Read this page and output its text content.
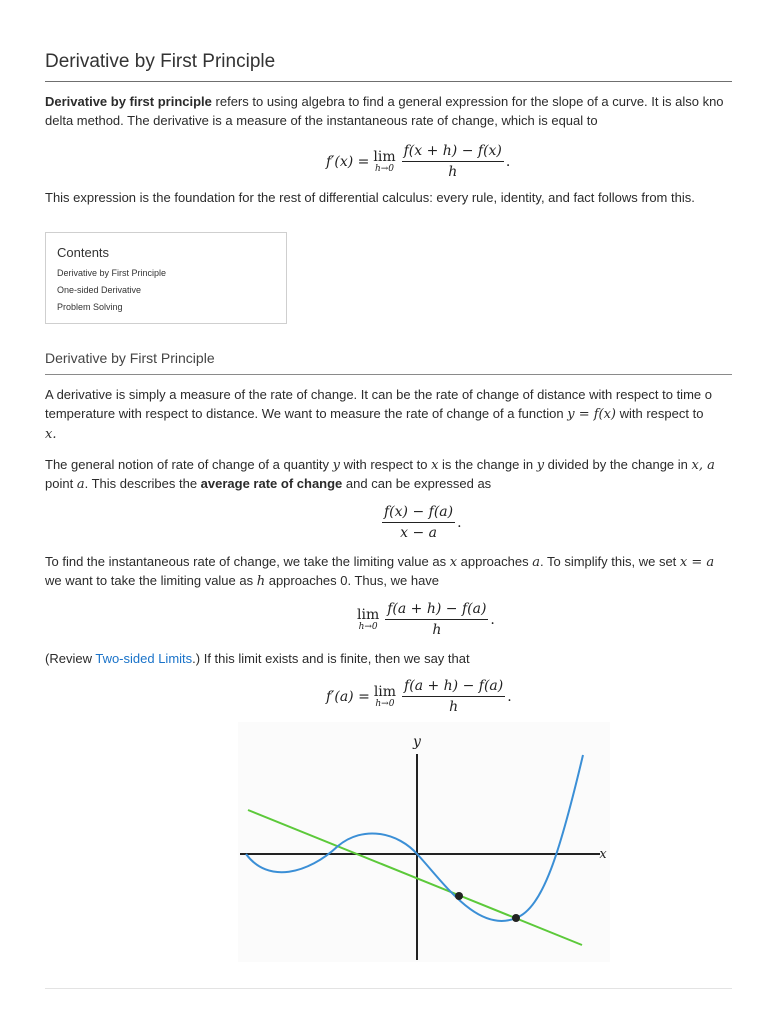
Derivative by First Principle
Derivative by first principle refers to using algebra to find a general expression for the slope of a curve. It is also kno
delta method. The derivative is a measure of the instantaneous rate of change, which is equal to
f′(x) = lim
$h\to 0 \frac{f(x + h) - f(x)}{h}$ .
This expression is the foundation for the rest of differential calculus: every rule, identity, and fact follows from this.
Contents
Derivative by First Principle
One-sided Derivative
Problem Solving
Derivative by First Principle
A derivative is simply a measure of the rate of change. It can be the rate of change of distance with respect to time o
temperature with respect to distance. We want to measure the rate of change of a function y = f(x) with respect to
x.
The general notion of rate of change of a quantity y with respect to x is the change in y divided by the change in x, a
point a. This describes the average rate of change and can be expressed as
$\frac{f(x) - f(a)}{x - a}$ .
To find the instantaneous rate of change, we take the limiting value as x approaches a. To simplify this, we set x = a
we want to take the limiting value as h approaches 0. Thus, we have
lim
$h\to 0 \frac{f(a + h) - f(a)}{h}$ .
(Review Two-sided Limits.) If this limit exists and is finite, then we say that
f′(a) = lim
$h\to 0 \frac{f(a + h) - f(a)}{h}$ .
y
x
